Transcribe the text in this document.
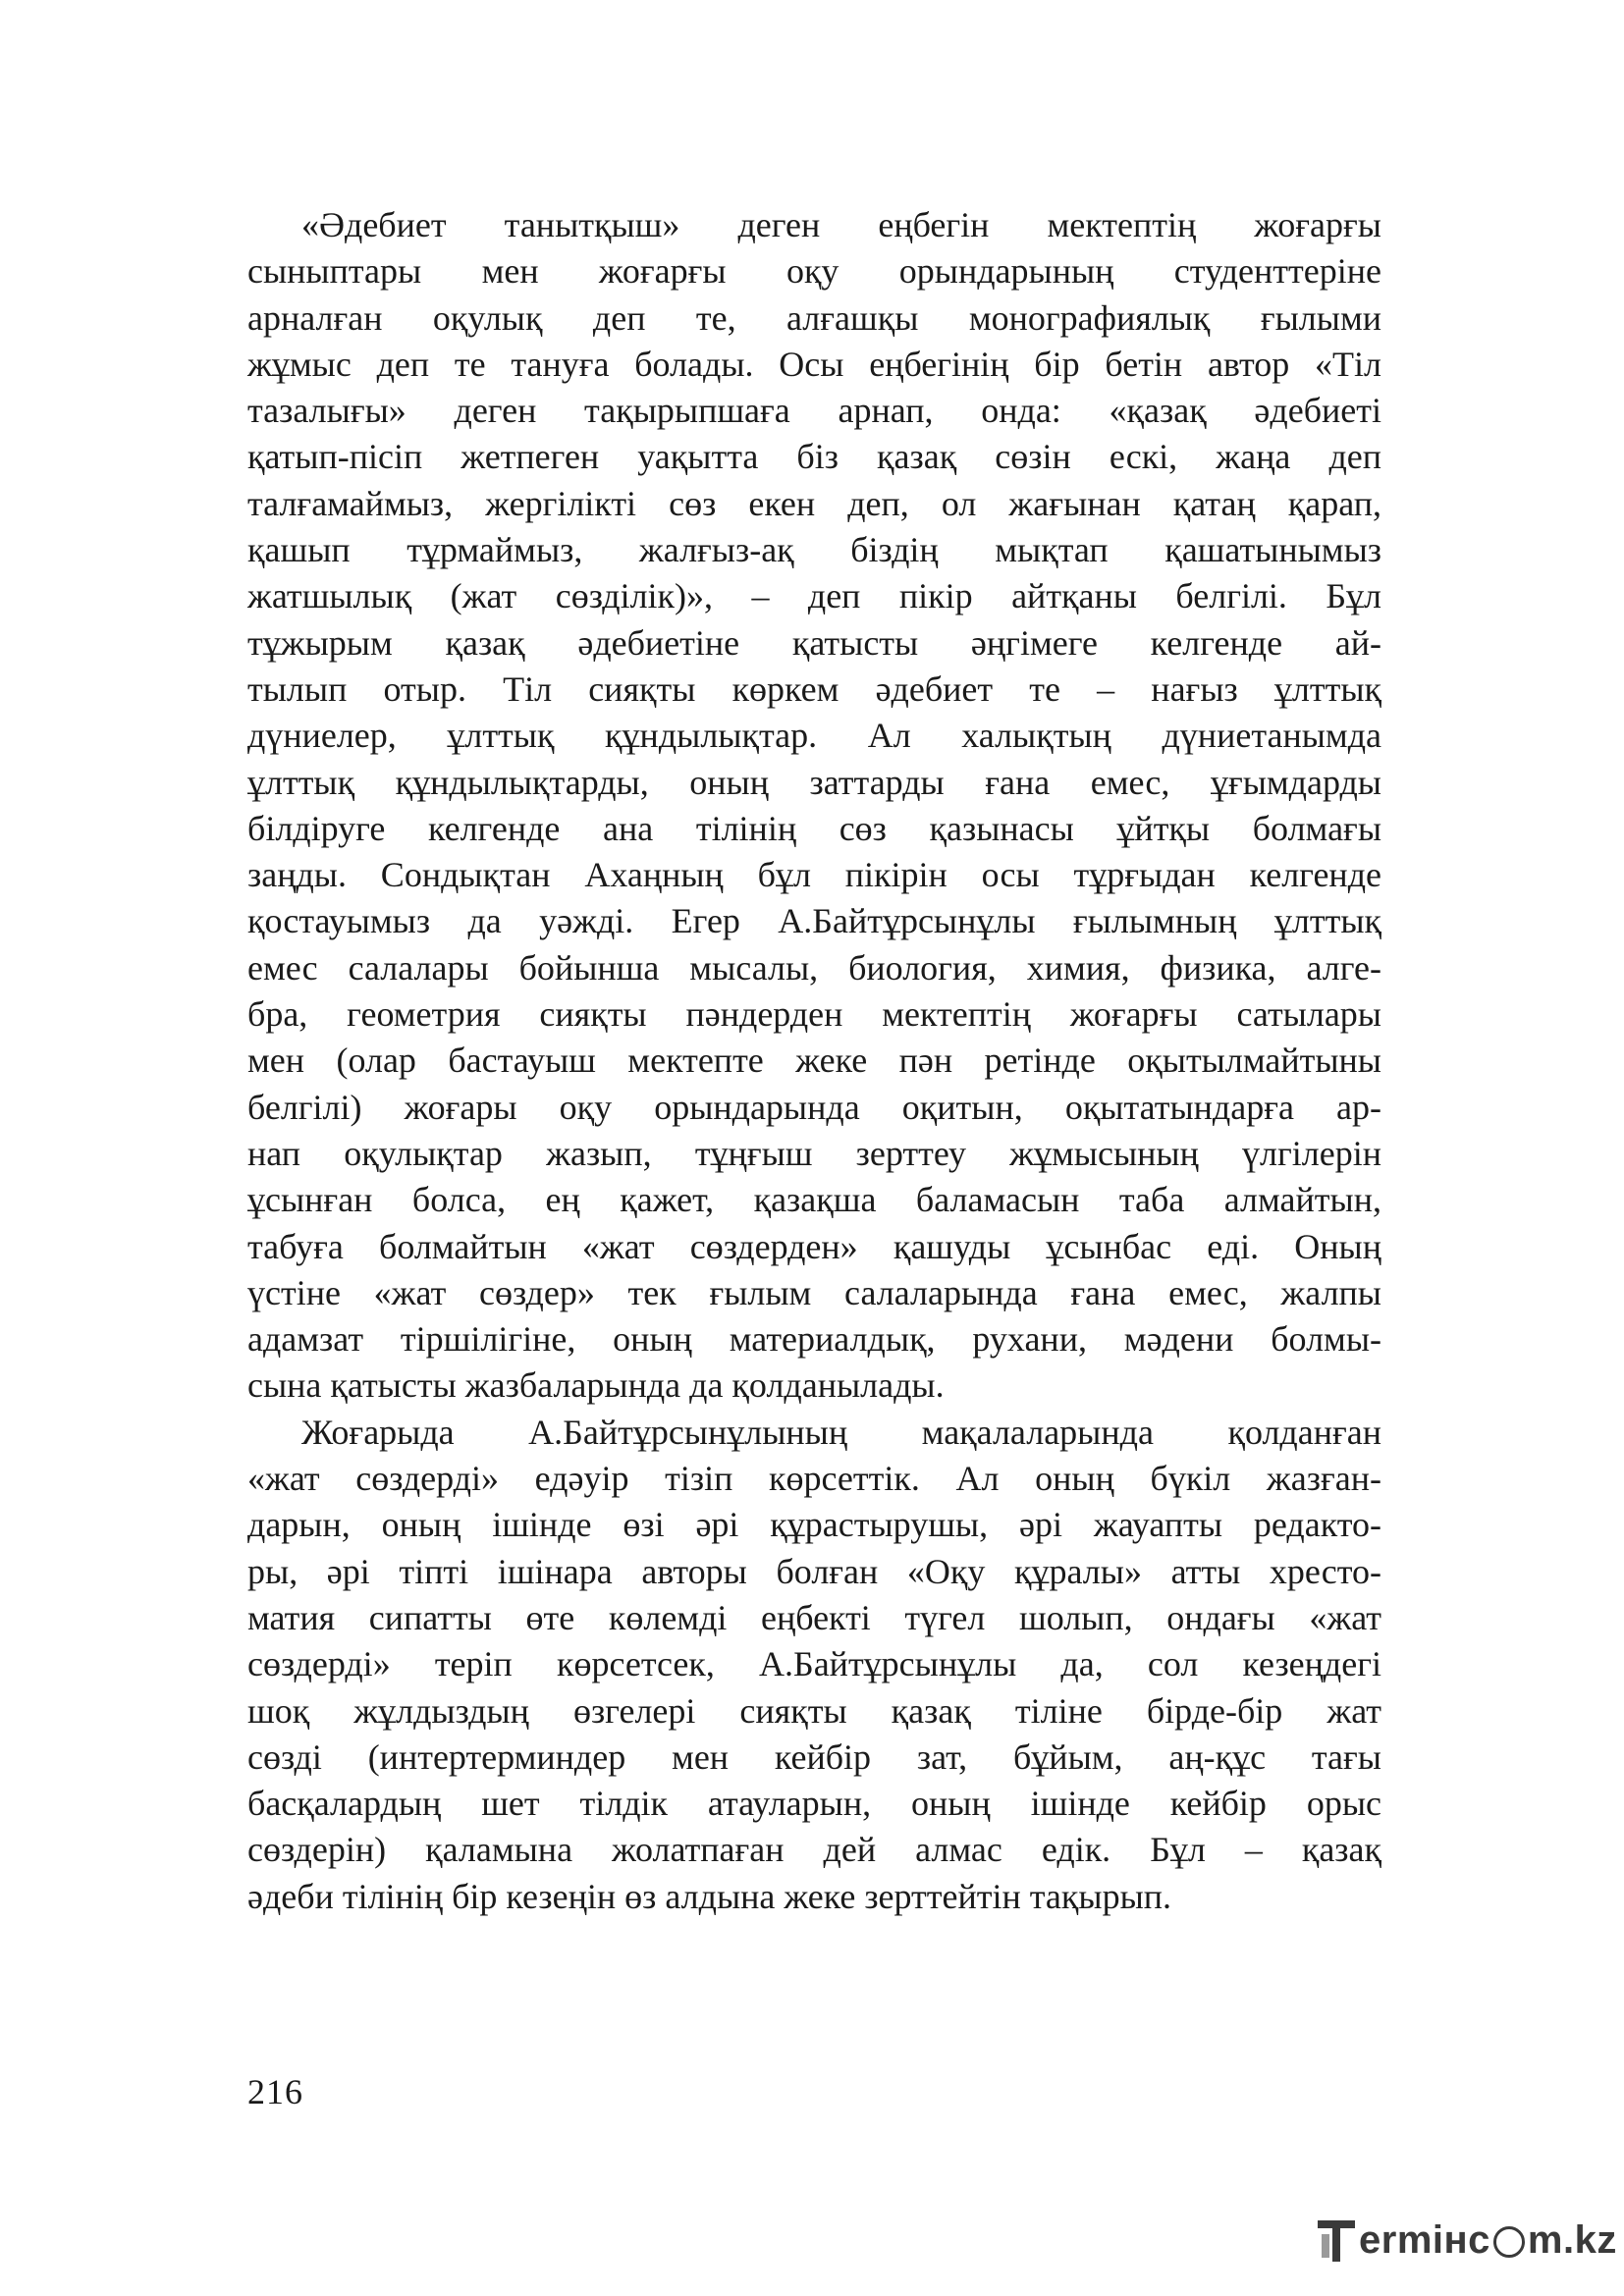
«Әдебиет танытқыш» деген еңбегін мектептің жоғарғы
сыныптары мен жоғарғы оқу орындарының студенттеріне
арналған оқулық деп те, алғашқы монографиялық ғылыми
жұмыс деп те тануға болады. Осы еңбегінің бір бетін автор «Тіл
тазалығы» деген тақырыпшаға арнап, онда: «қазақ әдебиеті
қатып-пісіп жетпеген уақытта біз қазақ сөзін ескі, жаңа деп
талғамаймыз, жергілікті сөз екен деп, ол жағынан қатаң қарап,
қашып тұрмаймыз, жалғыз-ақ біздің мықтап қашатынымыз
жатшылық (жат сөзділік)», – деп пікір айтқаны белгілі. Бұл
тұжырым қазақ әдебиетіне қатысты әңгімеге келгенде ай-
тылып отыр. Тіл сияқты көркем әдебиет те – нағыз ұлттық
дүниелер, ұлттық құндылықтар. Ал халықтың дүниетанымда
ұлттық құндылықтарды, оның заттарды ғана емес, ұғымдарды
білдіруге келгенде ана тілінің сөз қазынасы ұйтқы болмағы
заңды. Сондықтан Ахаңның бұл пікірін осы тұрғыдан келгенде
қостауымыз да уәжді. Егер А.Байтұрсынұлы ғылымның ұлттық
емес салалары бойынша мысалы, биология, химия, физика, алге-
бра, геометрия сияқты пәндерден мектептің жоғарғы сатылары
мен (олар бастауыш мектепте жеке пән ретінде оқытылмайтыны
белгілі) жоғары оқу орындарында оқитын, оқытатындарға ар-
нап оқулықтар жазып, тұңғыш зерттеу жұмысының үлгілерін
ұсынған болса, ең қажет, қазақша баламасын таба алмайтын,
табуға болмайтын «жат сөздерден» қашуды ұсынбас еді. Оның
үстіне «жат сөздер» тек ғылым салаларында ғана емес, жалпы
адамзат тіршілігіне, оның материалдық, рухани, мәдени болмы-
сына қатысты жазбаларында да қолданылады.
Жоғарыда А.Байтұрсынұлының мақалаларында қолданған
«жат сөздерді» едәуір тізіп көрсеттік. Ал оның бүкіл жазған-
дарын, оның ішінде өзі әрі құрастырушы, әрі жауапты редакто-
ры, әрі тіпті ішінара авторы болған «Оқу құралы» атты хресто-
матия сипатты өте көлемді еңбекті түгел шолып, ондағы «жат
сөздерді» теріп көрсетсек, А.Байтұрсынұлы да, сол кезеңдегі
шоқ жұлдыздың өзгелері сияқты қазақ тіліне бірде-бір жат
сөзді (интертерминдер мен кейбір зат, бұйым, аң-құс тағы
басқалардың шет тілдік атауларын, оның ішінде кейбір орыс
сөздерін) қаламына жолатпаған дей алмас едік. Бұл – қазақ
әдеби тілінің бір кезеңін өз алдына жеке зерттейтін тақырып.
216
ermінc m.kz
